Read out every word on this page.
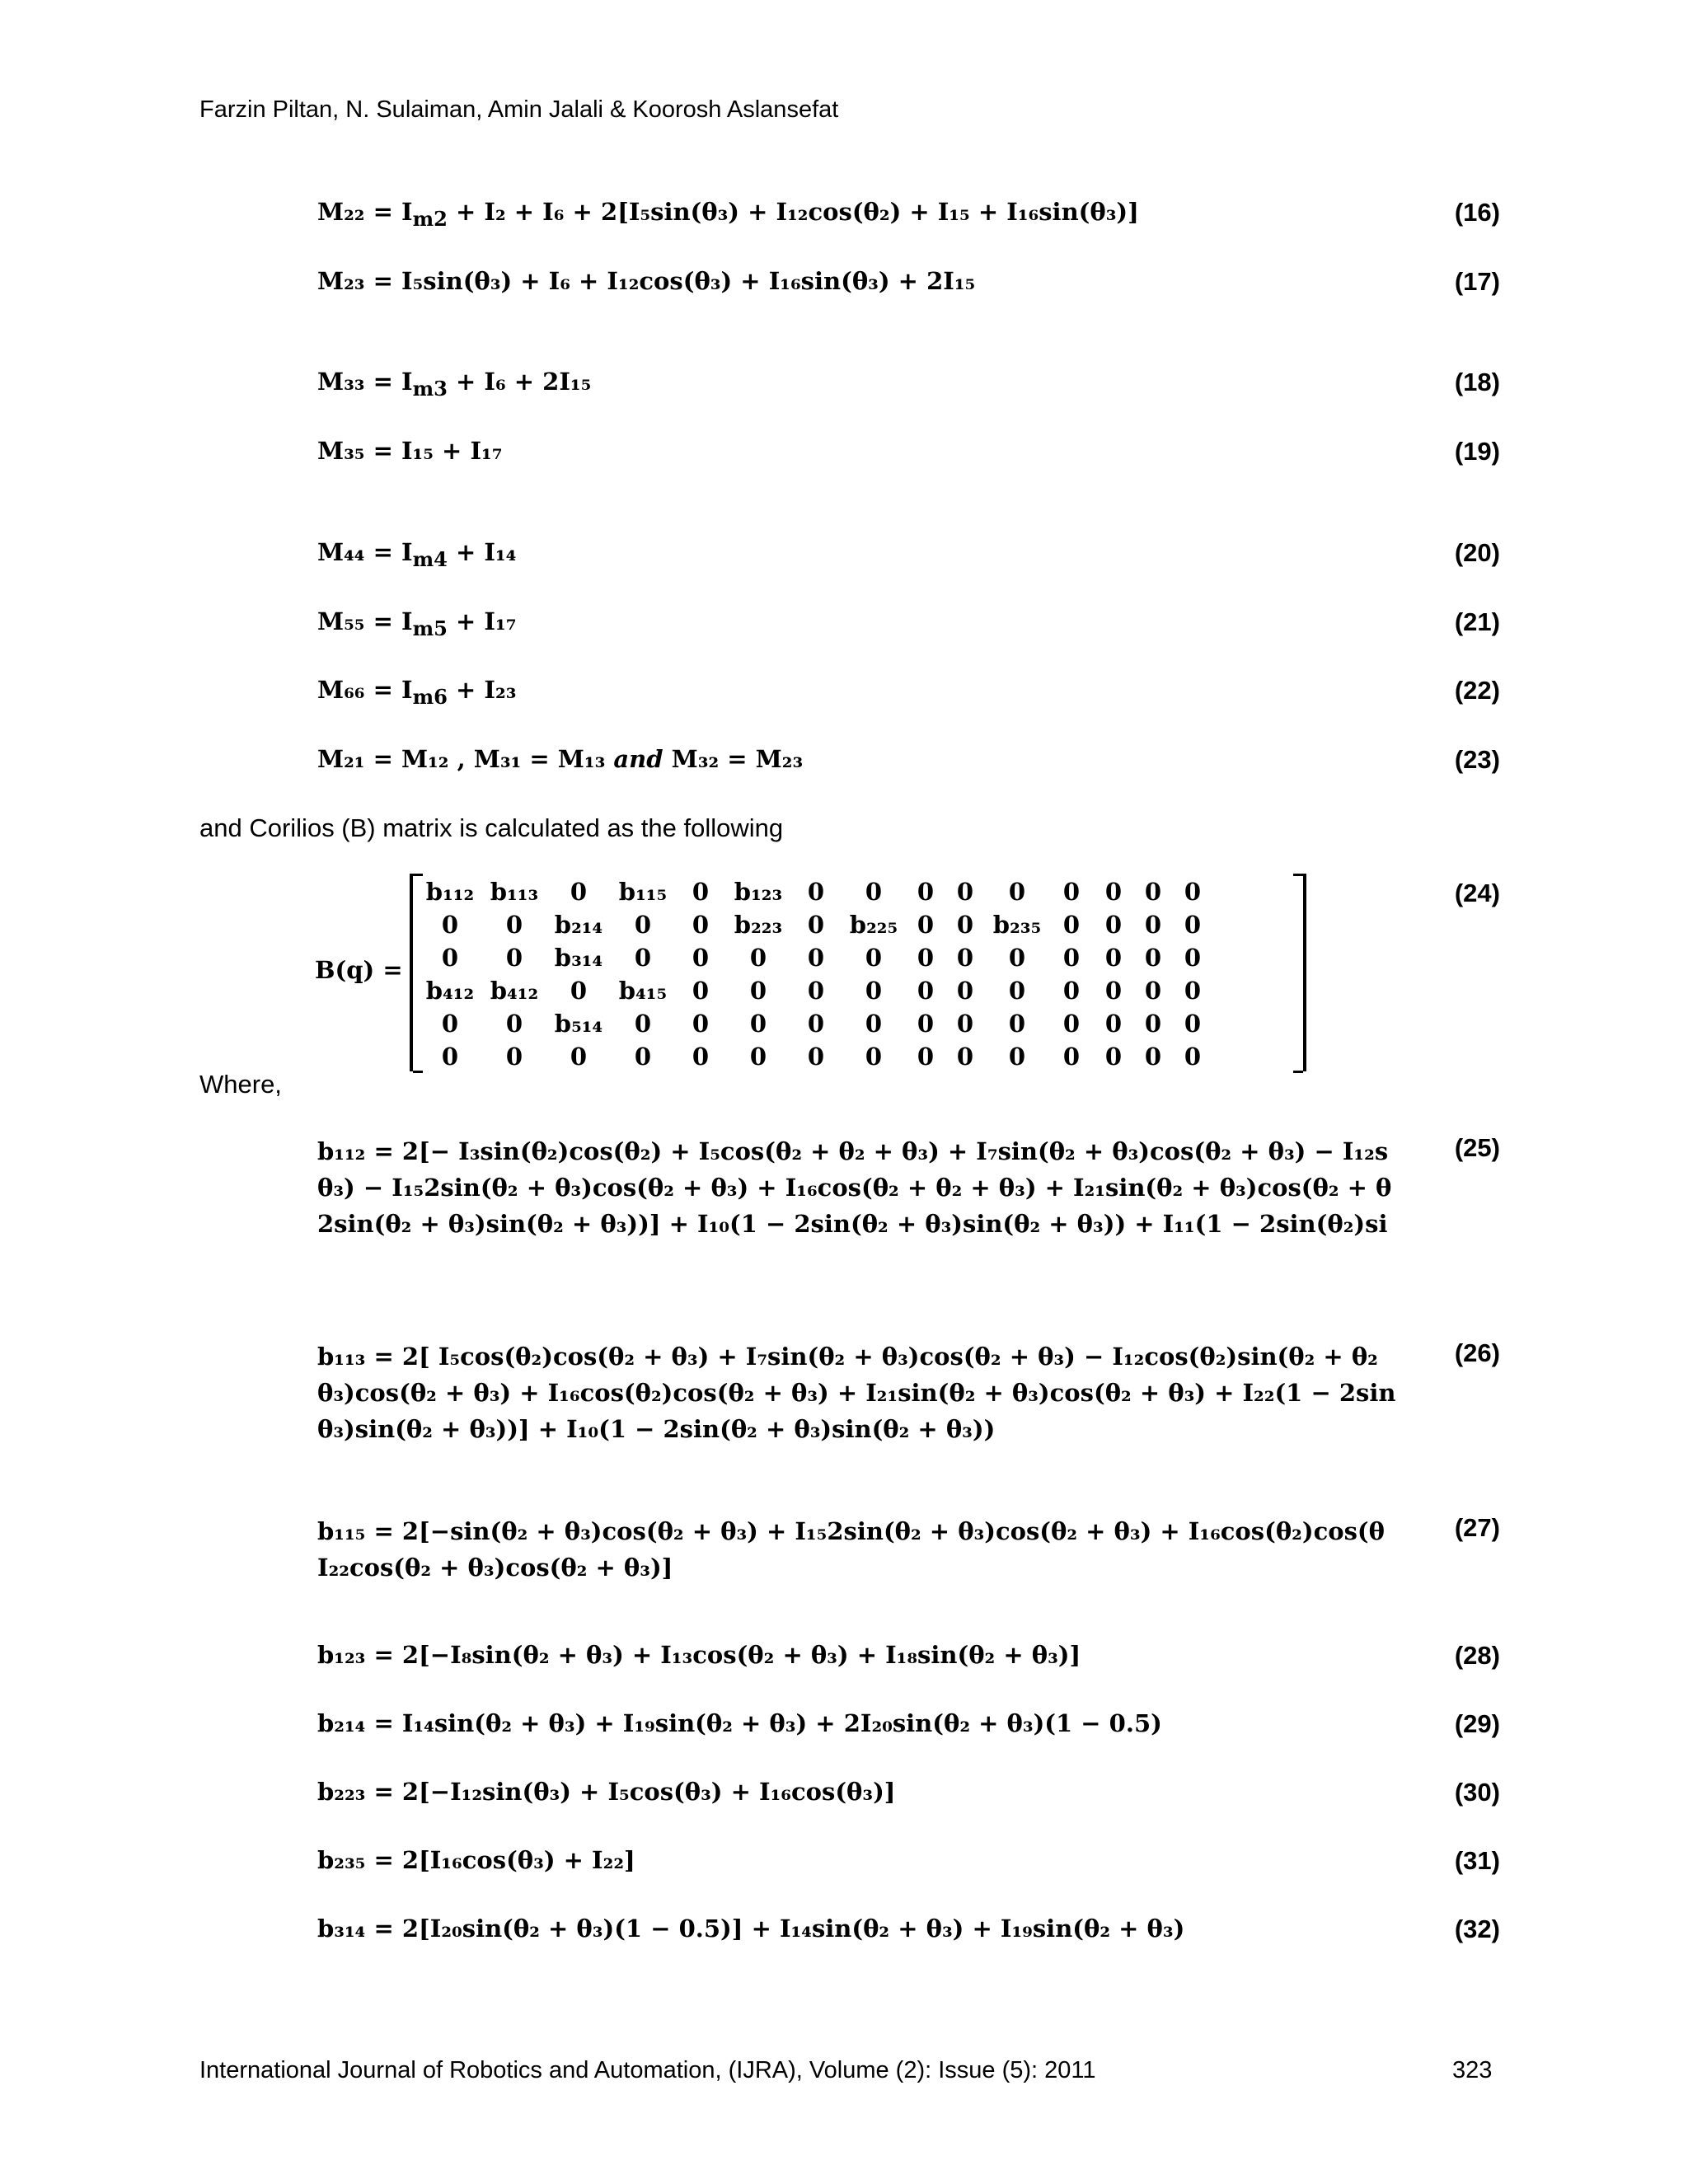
Farzin Piltan, N. Sulaiman, Amin Jalali & Koorosh Aslansefat
$M_{22} = I_{m2} + I_2 + I_6 + 2[I_5\sin(\theta_3) + I_{12}\cos(\theta_2) + I_{15} + I_{16}\sin(\theta_3)]$	(16)
M₂₃ = I₅sin(θ₃) + I₆ + I₁₂cos(θ₃) + I₁₆sin(θ₃) + 2I₁₅	(17)
$M_{33} = I_{m3} + I_6 + 2I_{15}$	(18)
M₃₅ = I₁₅ + I₁₇	(19)
$M_{44} = I_{m4} + I_{14}$	(20)
$M_{55} = I_{m5} + I_{17}$	(21)
$M_{66} = I_{m6} + I_{23}$	(22)
M₂₁ = M₁₂ , M₃₁ = M₁₃ and M₃₂ = M₂₃	(23)
and Corilios (B) matrix is calculated as the following
B(q) =
b₁₁₂	b₁₁₃	0	b₁₁₅	0	b₁₂₃	0	0	0	0	0	0	0	0	0
0	0	b₂₁₄	0	0	b₂₂₃	0	b₂₂₅	0	0	b₂₃₅	0	0	0	0
0	0	b₃₁₄	0	0	0	0	0	0	0	0	0	0	0	0
b₄₁₂	b₄₁₂	0	b₄₁₅	0	0	0	0	0	0	0	0	0	0	0
0	0	b₅₁₄	0	0	0	0	0	0	0	0	0	0	0	0
0	0	0	0	0	0	0	0	0	0	0	0	0	0	0
(24)
Where,
b₁₁₂ = 2[− I₃sin(θ₂)cos(θ₂) + I₅cos(θ₂ + θ₂ + θ₃) + I₇sin(θ₂ + θ₃)cos(θ₂ + θ₃) − I₁₂s
θ₃) − I₁₅2sin(θ₂ + θ₃)cos(θ₂ + θ₃) + I₁₆cos(θ₂ + θ₂ + θ₃) + I₂₁sin(θ₂ + θ₃)cos(θ₂ + θ
2sin(θ₂ + θ₃)sin(θ₂ + θ₃))] + I₁₀(1 − 2sin(θ₂ + θ₃)sin(θ₂ + θ₃)) + I₁₁(1 − 2sin(θ₂)si
(25)
b₁₁₃ = 2[ I₅cos(θ₂)cos(θ₂ + θ₃) + I₇sin(θ₂ + θ₃)cos(θ₂ + θ₃) − I₁₂cos(θ₂)sin(θ₂ + θ₂
θ₃)cos(θ₂ + θ₃) + I₁₆cos(θ₂)cos(θ₂ + θ₃) + I₂₁sin(θ₂ + θ₃)cos(θ₂ + θ₃) + I₂₂(1 − 2sin
θ₃)sin(θ₂ + θ₃))] + I₁₀(1 − 2sin(θ₂ + θ₃)sin(θ₂ + θ₃))
(26)
b₁₁₅ = 2[−sin(θ₂ + θ₃)cos(θ₂ + θ₃) + I₁₅2sin(θ₂ + θ₃)cos(θ₂ + θ₃) + I₁₆cos(θ₂)cos(θ
I₂₂cos(θ₂ + θ₃)cos(θ₂ + θ₃)]
(27)
b₁₂₃ = 2[−I₈sin(θ₂ + θ₃) + I₁₃cos(θ₂ + θ₃) + I₁₈sin(θ₂ + θ₃)]	(28)
b₂₁₄ = I₁₄sin(θ₂ + θ₃) + I₁₉sin(θ₂ + θ₃) + 2I₂₀sin(θ₂ + θ₃)(1 − 0.5)	(29)
b₂₂₃ = 2[−I₁₂sin(θ₃) + I₅cos(θ₃) + I₁₆cos(θ₃)]	(30)
b₂₃₅ = 2[I₁₆cos(θ₃) + I₂₂]	(31)
b₃₁₄ = 2[I₂₀sin(θ₂ + θ₃)(1 − 0.5)] + I₁₄sin(θ₂ + θ₃) + I₁₉sin(θ₂ + θ₃)	(32)
International Journal of Robotics and Automation, (IJRA), Volume (2): Issue (5): 2011	323
